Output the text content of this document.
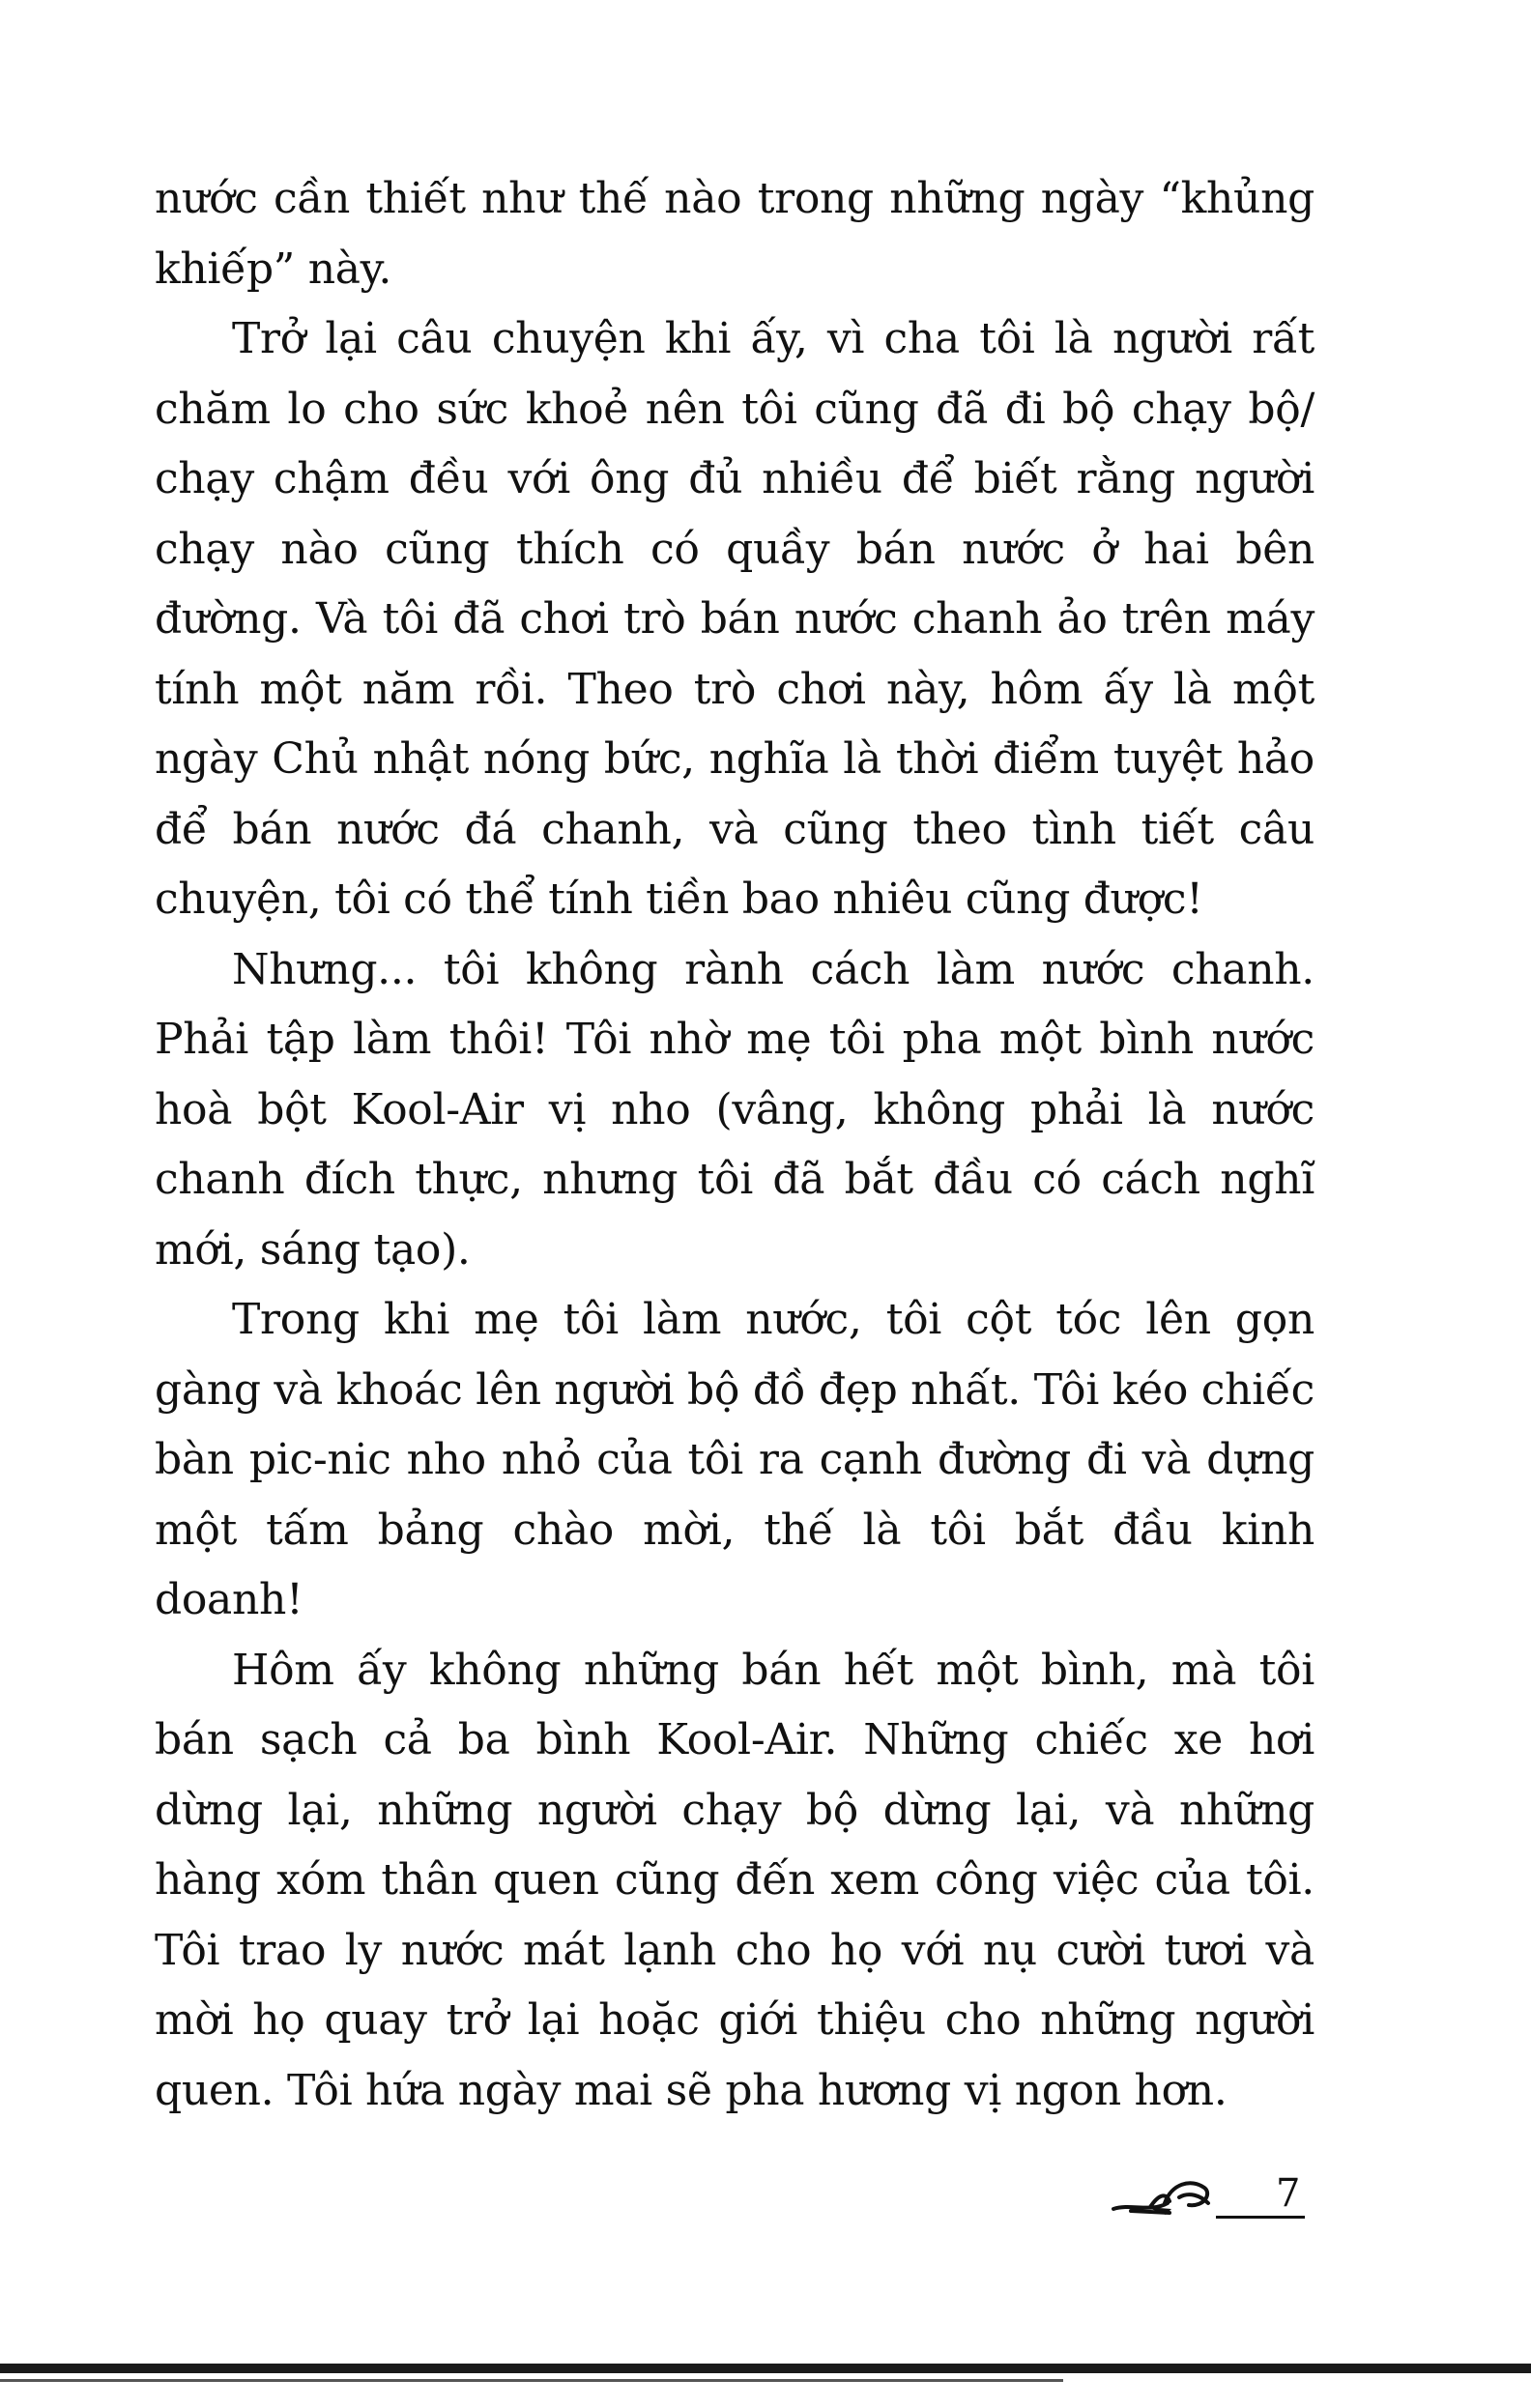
nước cần thiết như thế nào trong những ngày “khủng khiếp” này.

Trở lại câu chuyện khi ấy, vì cha tôi là người rất chăm lo cho sức khoẻ nên tôi cũng đã đi bộ chạy bộ/ chạy chậm đều với ông đủ nhiều để biết rằng người chạy nào cũng thích có quầy bán nước ở hai bên đường. Và tôi đã chơi trò bán nước chanh ảo trên máy tính một năm rồi. Theo trò chơi này, hôm ấy là một ngày Chủ nhật nóng bức, nghĩa là thời điểm tuyệt hảo để bán nước đá chanh, và cũng theo tình tiết câu chuyện, tôi có thể tính tiền bao nhiêu cũng được!

Nhưng... tôi không rành cách làm nước chanh. Phải tập làm thôi! Tôi nhờ mẹ tôi pha một bình nước hoà bột Kool-Air vị nho (vâng, không phải là nước chanh đích thực, nhưng tôi đã bắt đầu có cách nghĩ mới, sáng tạo).

Trong khi mẹ tôi làm nước, tôi cột tóc lên gọn gàng và khoác lên người bộ đồ đẹp nhất. Tôi kéo chiếc bàn pic-nic nho nhỏ của tôi ra cạnh đường đi và dựng một tấm bảng chào mời, thế là tôi bắt đầu kinh doanh!

Hôm ấy không những bán hết một bình, mà tôi bán sạch cả ba bình Kool-Air. Những chiếc xe hơi dừng lại, những người chạy bộ dừng lại, và những hàng xóm thân quen cũng đến xem công việc của tôi. Tôi trao ly nước mát lạnh cho họ với nụ cười tươi và mời họ quay trở lại hoặc giới thiệu cho những người quen. Tôi hứa ngày mai sẽ pha hương vị ngon hơn.

7
